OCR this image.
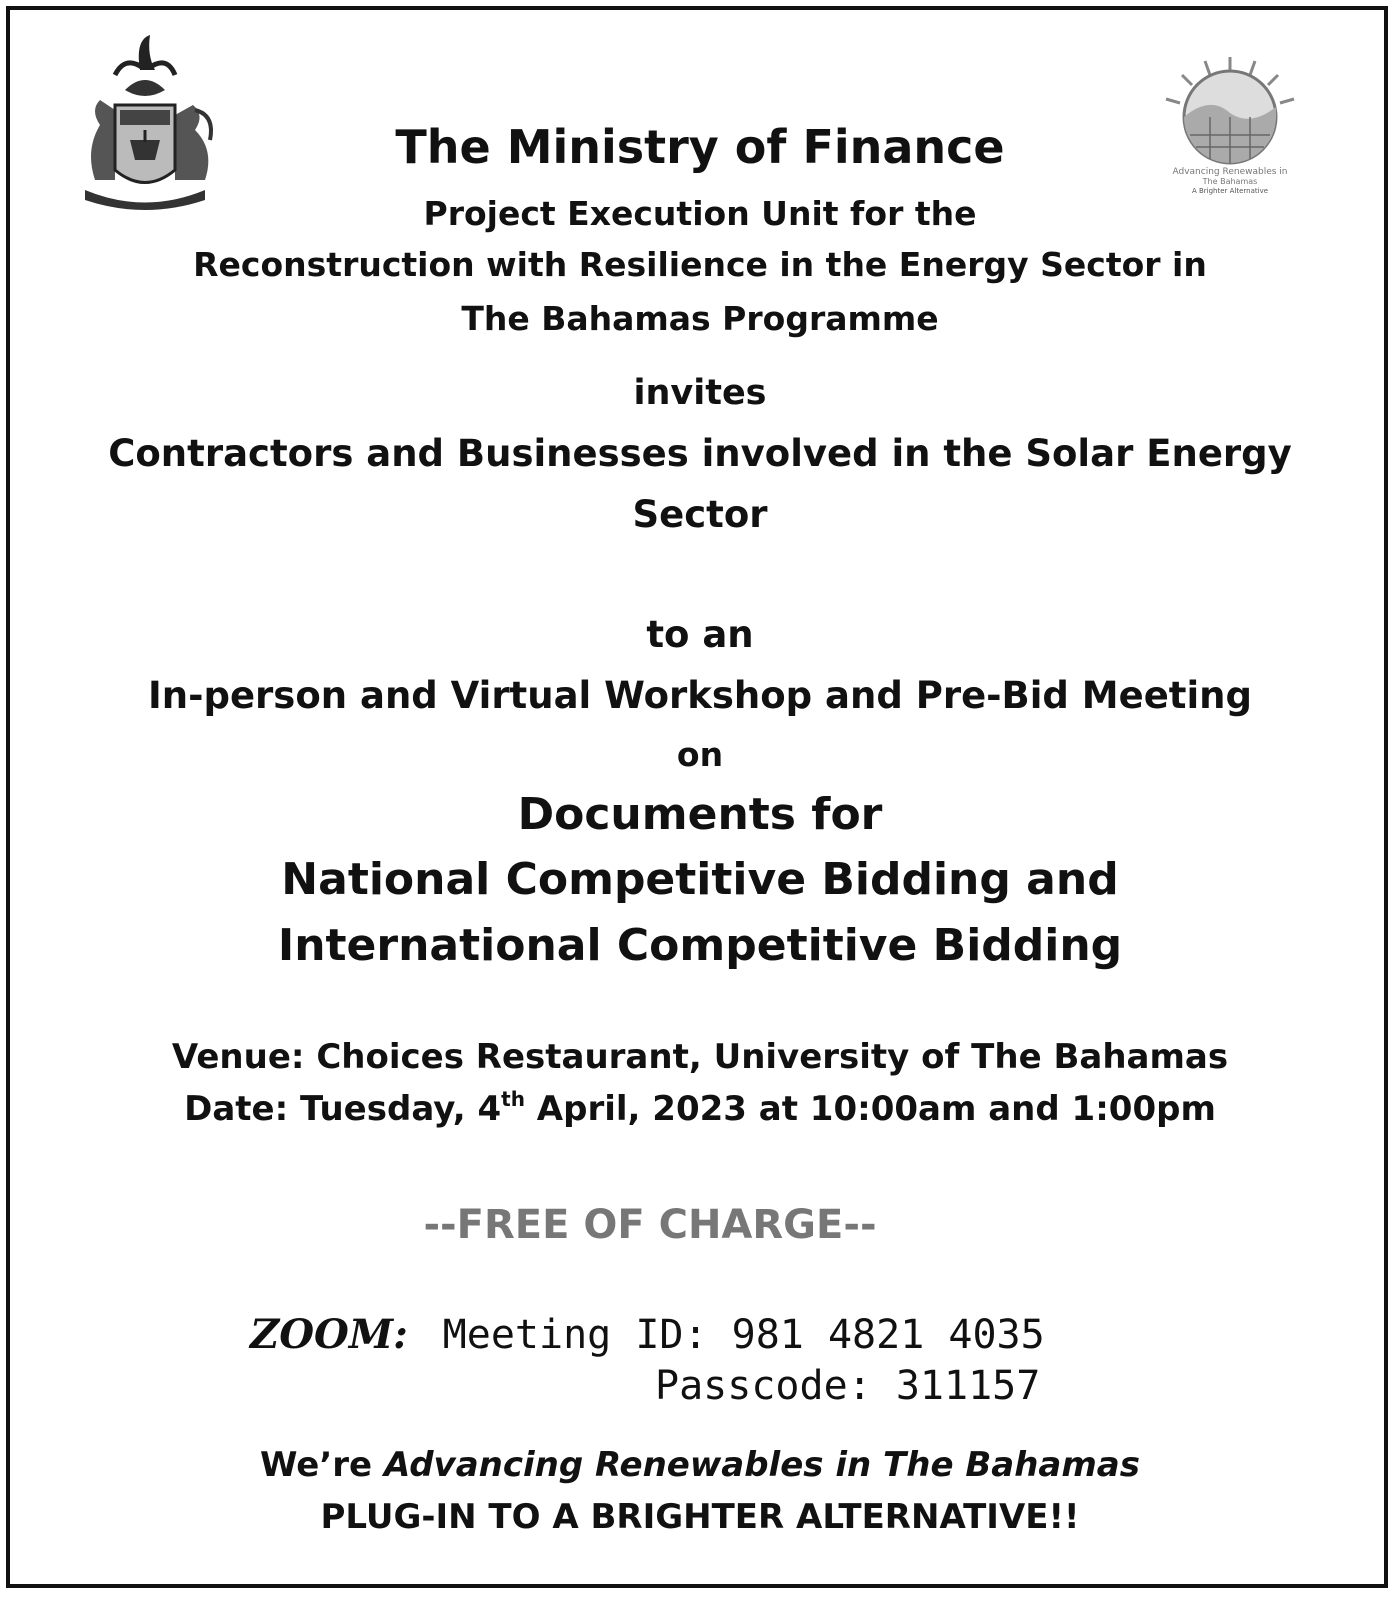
Advancing Renewables in
The Bahamas
A Brighter Alternative
The Ministry of Finance
Project Execution Unit for the
Reconstruction with Resilience in the Energy Sector in
The Bahamas Programme
invites
Contractors and Businesses involved in the Solar Energy
Sector
to an
In-person and Virtual Workshop and Pre-Bid Meeting
on
Documents for
National Competitive Bidding and
International Competitive Bidding
Venue: Choices Restaurant, University of The Bahamas
Date: Tuesday, 4th April, 2023 at 10:00am and 1:00pm
--FREE OF CHARGE--
ZOOM: Meeting ID: 981 4821 4035
Passcode: 311157
We’re Advancing Renewables in The Bahamas
PLUG-IN TO A BRIGHTER ALTERNATIVE!!
